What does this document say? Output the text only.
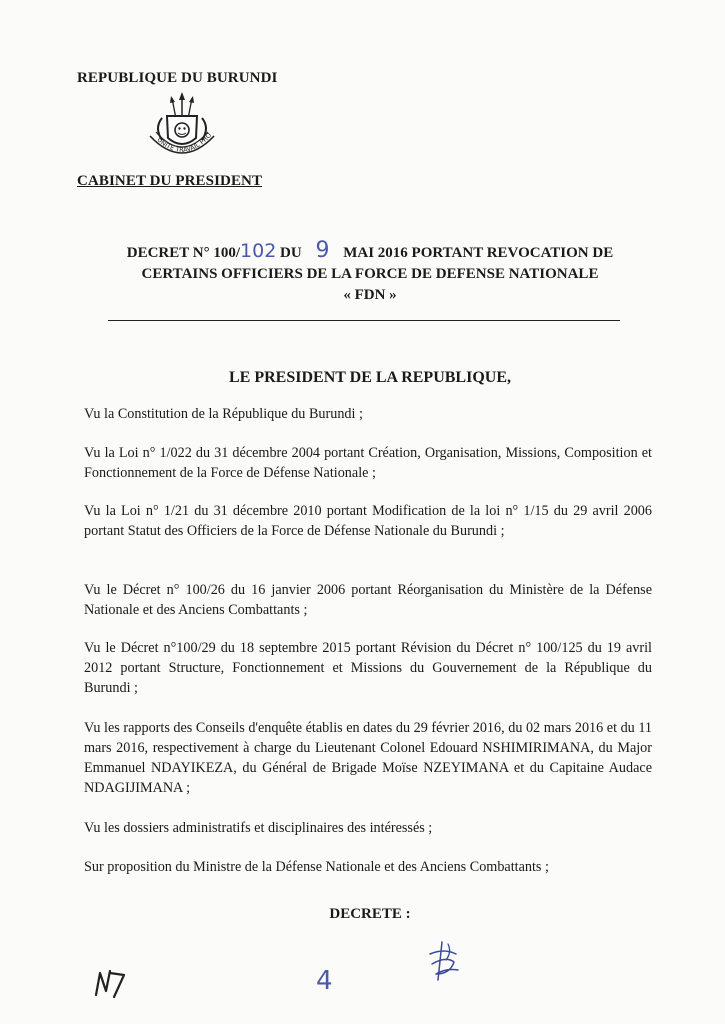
REPUBLIQUE DU BURUNDI
UNITE TRAVAIL PROGRES
CABINET DU PRESIDENT
DECRET N° 100/102 DU 9 MAI 2016 PORTANT REVOCATION DE
CERTAINS OFFICIERS DE LA FORCE DE DEFENSE NATIONALE
« FDN »
LE PRESIDENT DE LA REPUBLIQUE,
Vu la Constitution de la République du Burundi ;
Vu la Loi n° 1/022 du 31 décembre 2004 portant Création, Organisation, Missions, Composition et Fonctionnement de la Force de Défense Nationale ;
Vu la Loi n° 1/21 du 31 décembre 2010 portant Modification de la loi n° 1/15 du 29 avril 2006 portant Statut des Officiers de la Force de Défense Nationale du Burundi ;
Vu le Décret n° 100/26 du 16 janvier 2006 portant Réorganisation du Ministère de la Défense Nationale et des Anciens Combattants ;
Vu le Décret n°100/29 du 18 septembre 2015 portant Révision du Décret n° 100/125 du 19 avril 2012 portant Structure, Fonctionnement et Missions du Gouvernement de la République du Burundi ;
Vu les rapports des Conseils d'enquête établis en dates du 29 février 2016, du 02 mars 2016 et du 11 mars 2016, respectivement à charge du Lieutenant Colonel Edouard NSHIMIRIMANA, du Major Emmanuel NDAYIKEZA, du Général de Brigade Moïse NZEYIMANA et du Capitaine Audace NDAGIJIMANA ;
Vu les dossiers administratifs et disciplinaires des intéressés ;
Sur proposition du Ministre de la Défense Nationale et des Anciens Combattants ;
DECRETE :
4
